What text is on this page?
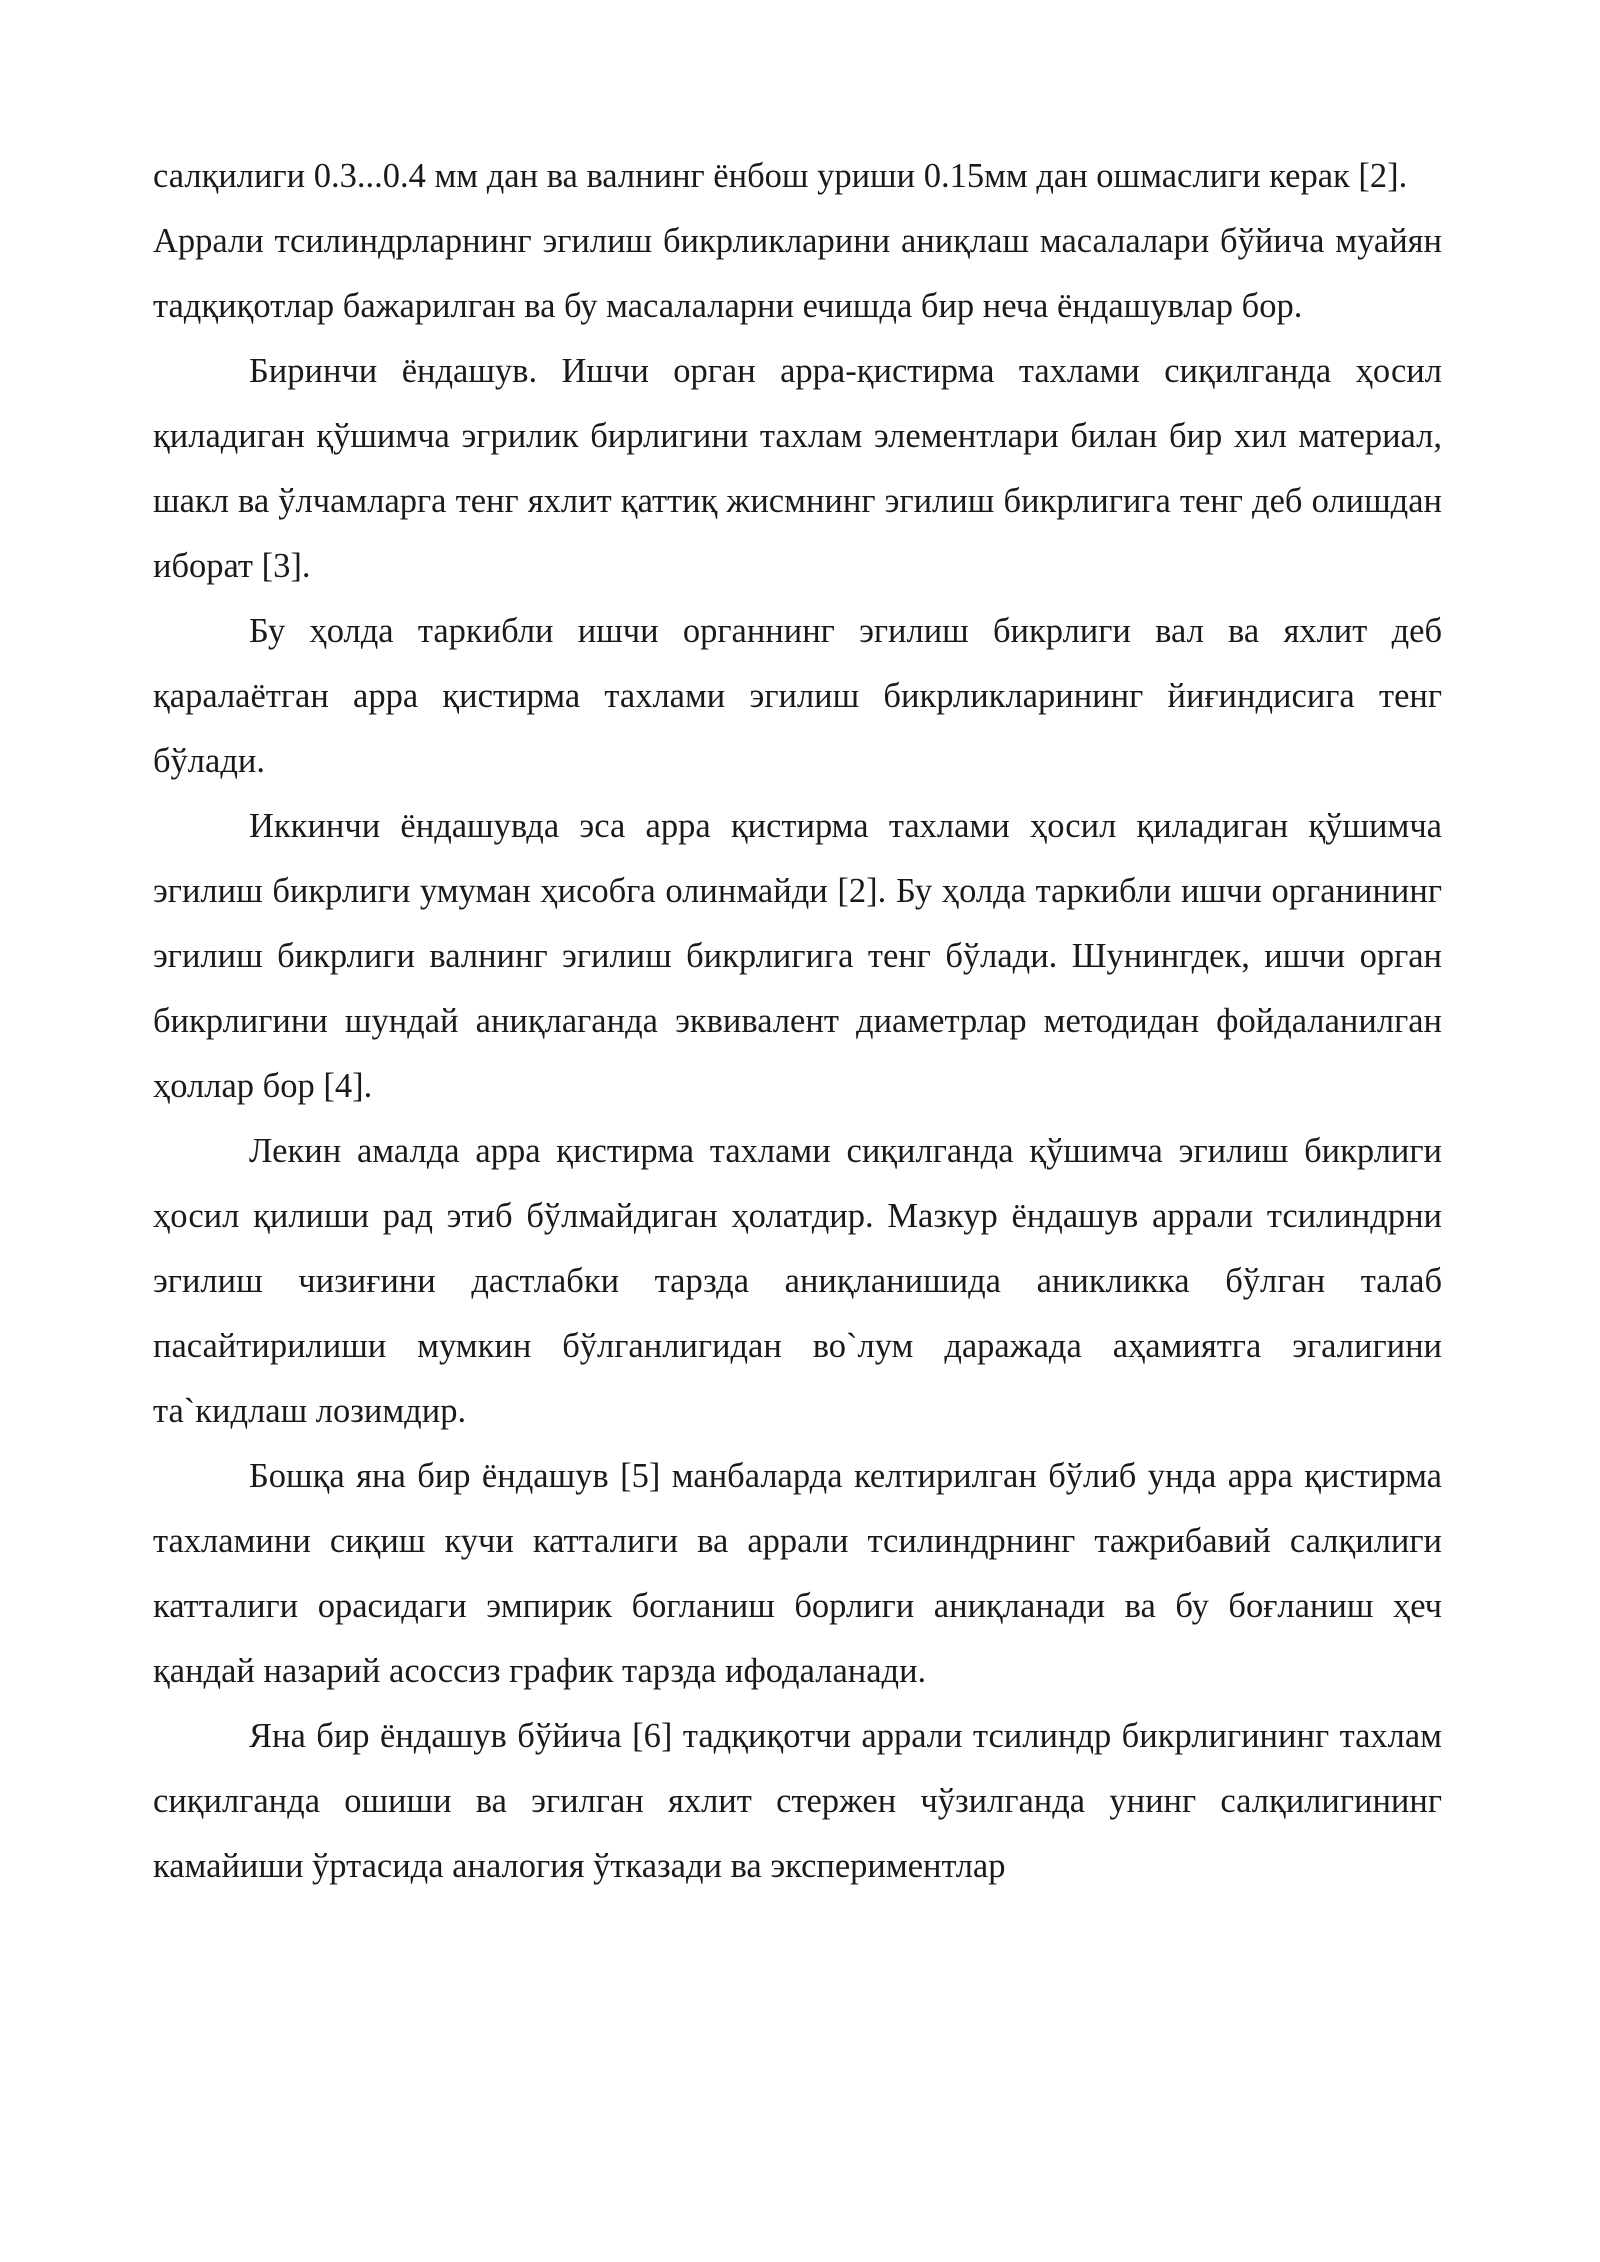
салқилиги 0.3...0.4 мм дан ва валнинг ёнбош уриши 0.15мм дан ошмаслиги керак [2].

Аррали тсилиндрларнинг эгилиш бикрликларини аниқлаш масалалари бўйича муайян тадқиқотлар бажарилган ва бу масалаларни ечишда бир неча ёндашувлар бор.

Биринчи ёндашув. Ишчи орган арра-қистирма тахлами сиқилганда ҳосил қиладиган қўшимча эгрилик бирлигини тахлам элементлари билан бир хил материал, шакл ва ўлчамларга тенг яхлит қаттиқ жисмнинг эгилиш бикрлигига тенг деб олишдан иборат [3].

Бу ҳолда таркибли ишчи органнинг эгилиш бикрлиги вал ва яхлит деб қаралаётган арра қистирма тахлами эгилиш бикрликларининг йиғиндисига тенг бўлади.

Иккинчи ёндашувда эса арра қистирма тахлами ҳосил қиладиган қўшимча эгилиш бикрлиги умуман ҳисобга олинмайди [2]. Бу ҳолда таркибли ишчи органининг эгилиш бикрлиги валнинг эгилиш бикрлигига тенг бўлади. Шунингдек, ишчи орган бикрлигини шундай аниқлаганда эквивалент диаметрлар методидан фойдаланилган ҳоллар бор [4].

Лекин амалда арра қистирма тахлами сиқилганда қўшимча эгилиш бикрлиги ҳосил қилиши рад этиб бўлмайдиган ҳолатдир. Мазкур ёндашув аррали тсилиндрни эгилиш чизиғини дастлабки тарзда аниқланишида аникликка бўлган талаб пасайтирилиши мумкин бўлганлигидан во`лум даражада аҳамиятга эгалигини та`кидлаш лозимдир.

Бошқа яна бир ёндашув [5] манбаларда келтирилган бўлиб унда арра қистирма тахламини сиқиш кучи катталиги ва аррали тсилиндрнинг тажрибавий салқилиги катталиги орасидаги эмпирик богланиш борлиги аниқланади ва бу боғланиш ҳеч қандай назарий асоссиз график тарзда ифодаланади.

Яна бир ёндашув бўйича [6] тадқиқотчи аррали тсилиндр бикрлигининг тахлам сиқилганда ошиши ва эгилган яхлит стержен чўзилганда унинг салқилигининг камайиши ўртасида аналогия ўтказади ва экспериментлар
